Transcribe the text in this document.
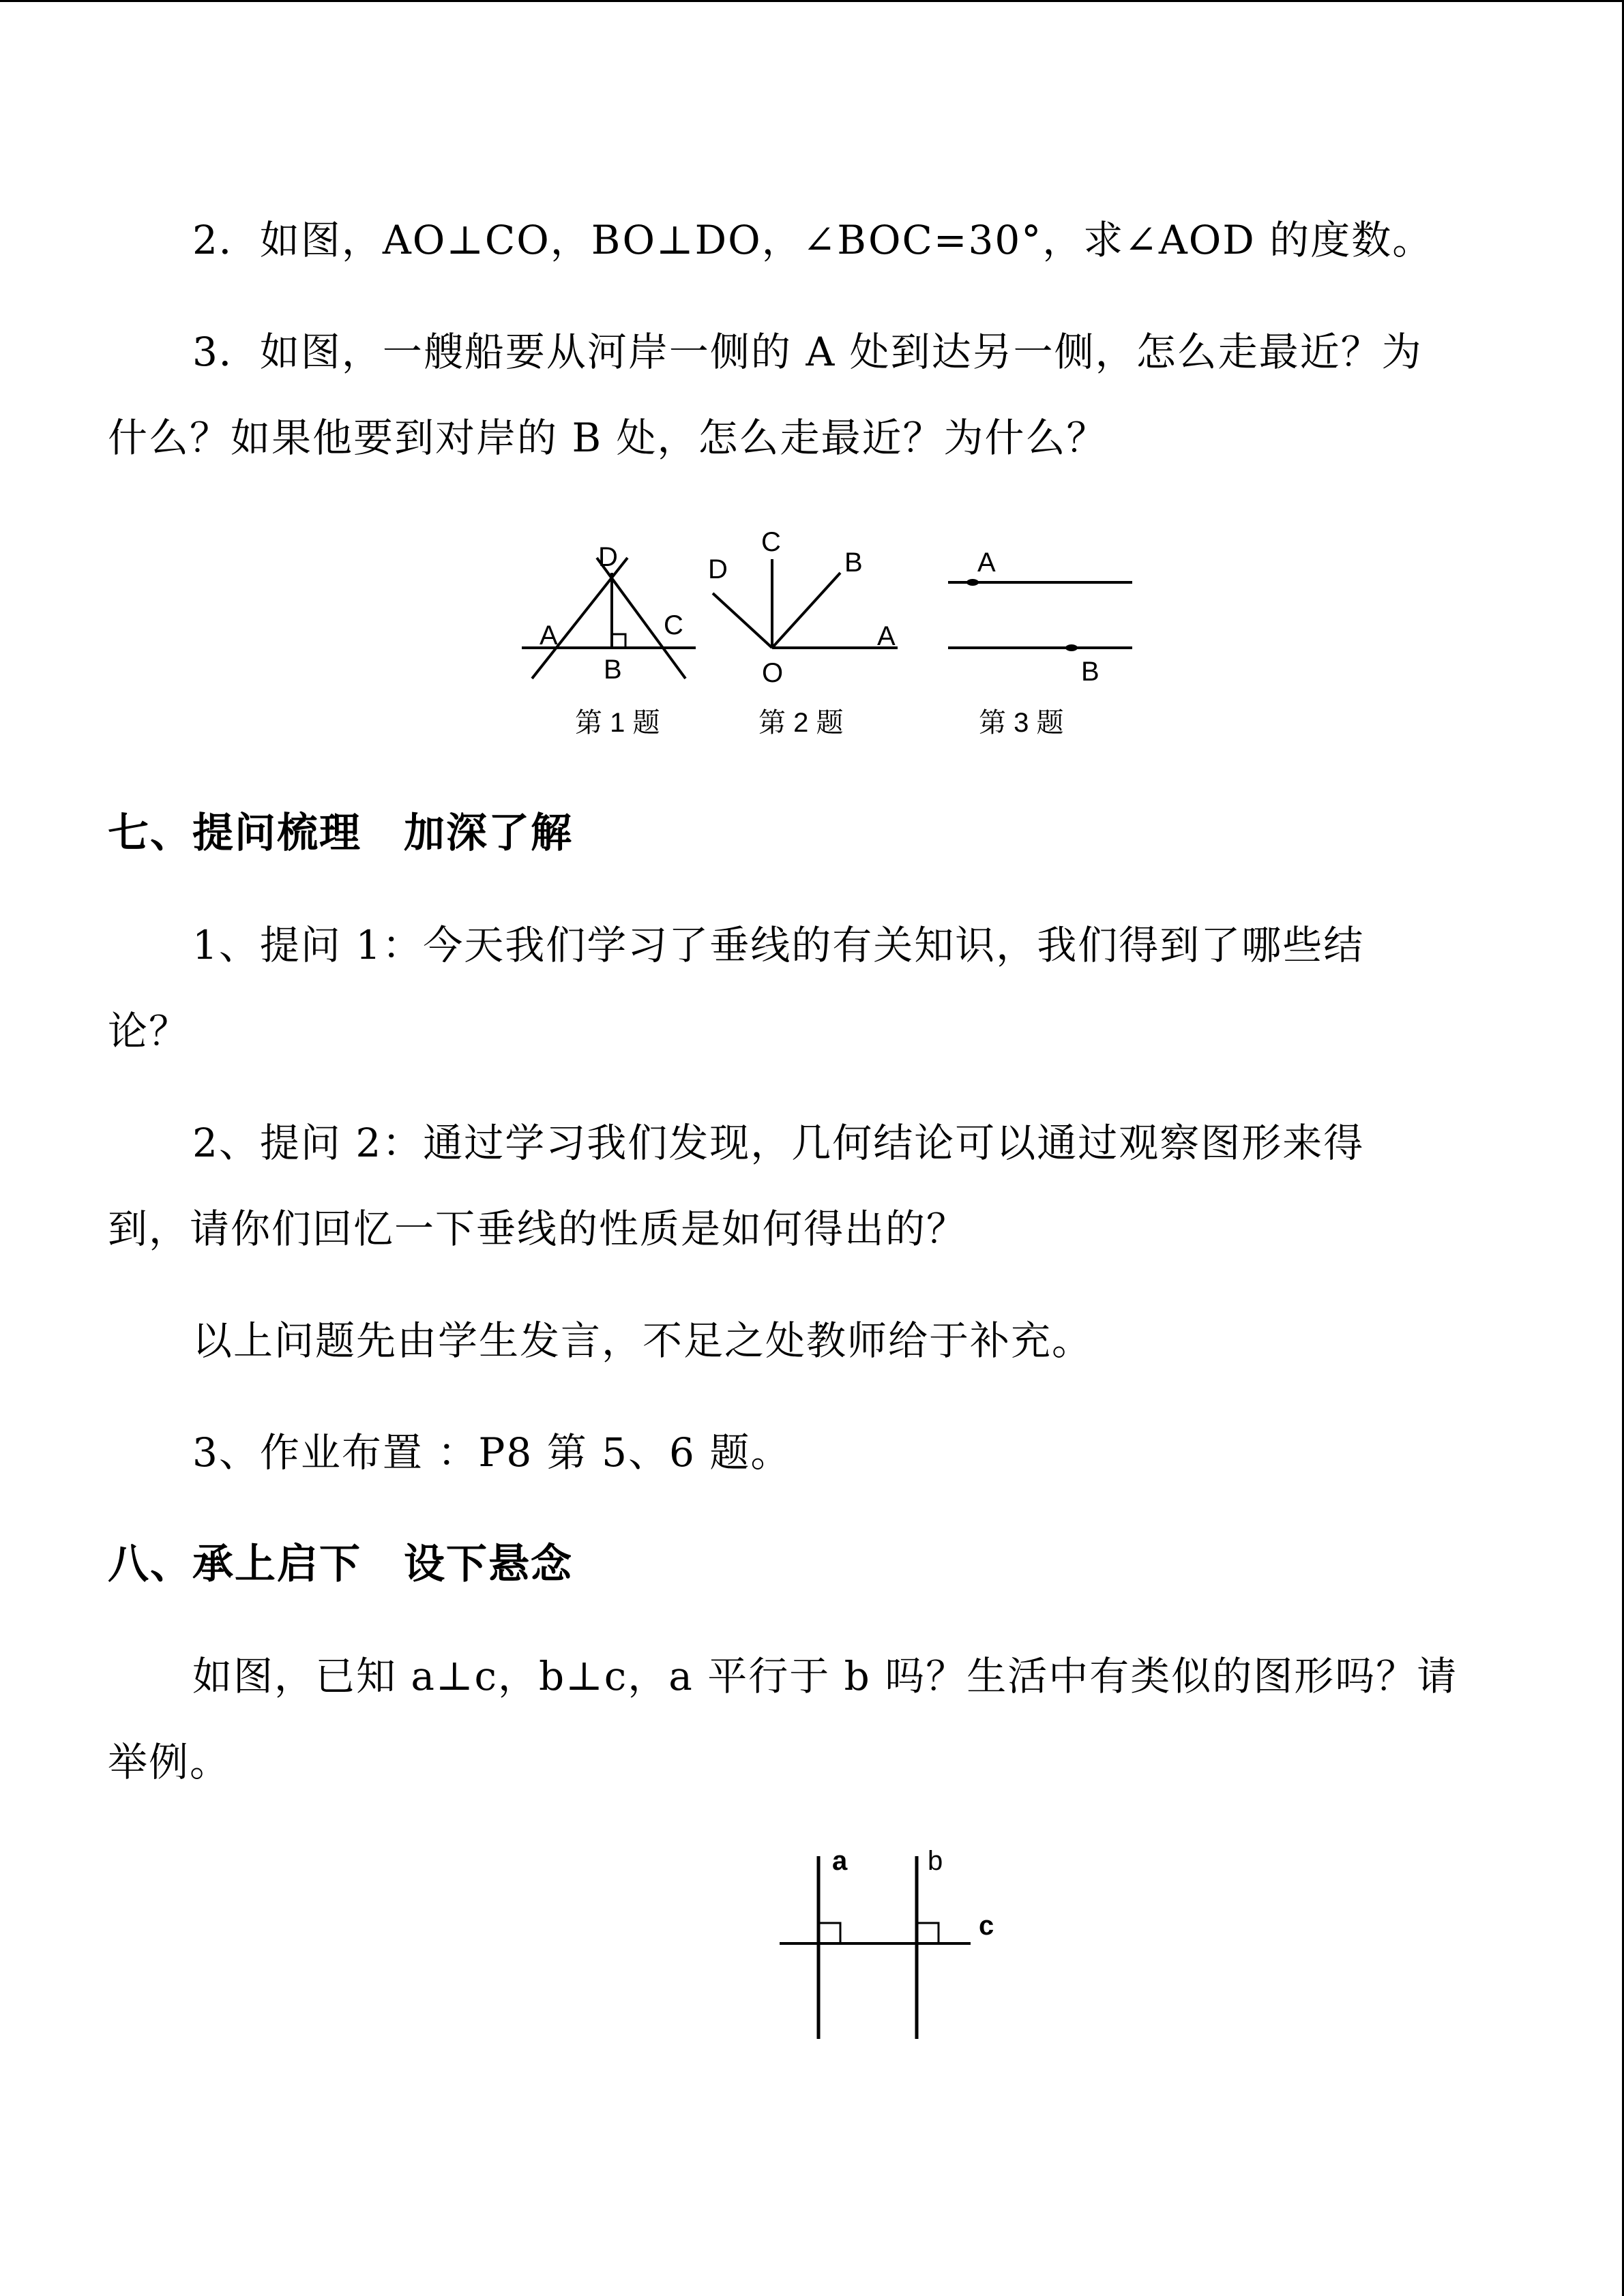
2．如图，AO⊥CO，BO⊥DO，∠BOC=30°，求∠AOD 的度数。
3．如图，一艘船要从河岸一侧的 A 处到达另一侧，怎么走最近？为
什么？如果他要到对岸的 B 处，怎么走最近？为什么？
D
A	C
B
第 1 题
C
D	B
A
O
第 2 题
A
B
第 3 题
七、提问梳理　加深了解
1、提问 1：今天我们学习了垂线的有关知识，我们得到了哪些结
论？
2、提问 2：通过学习我们发现，几何结论可以通过观察图形来得
到，请你们回忆一下垂线的性质是如何得出的？
以上问题先由学生发言，不足之处教师给于补充。
3、作业布置 ：P8 第 5、6 题。
八、承上启下　设下悬念
如图，已知 a⊥c，b⊥c，a 平行于 b 吗？生活中有类似的图形吗？请
举例。
a	b
c
